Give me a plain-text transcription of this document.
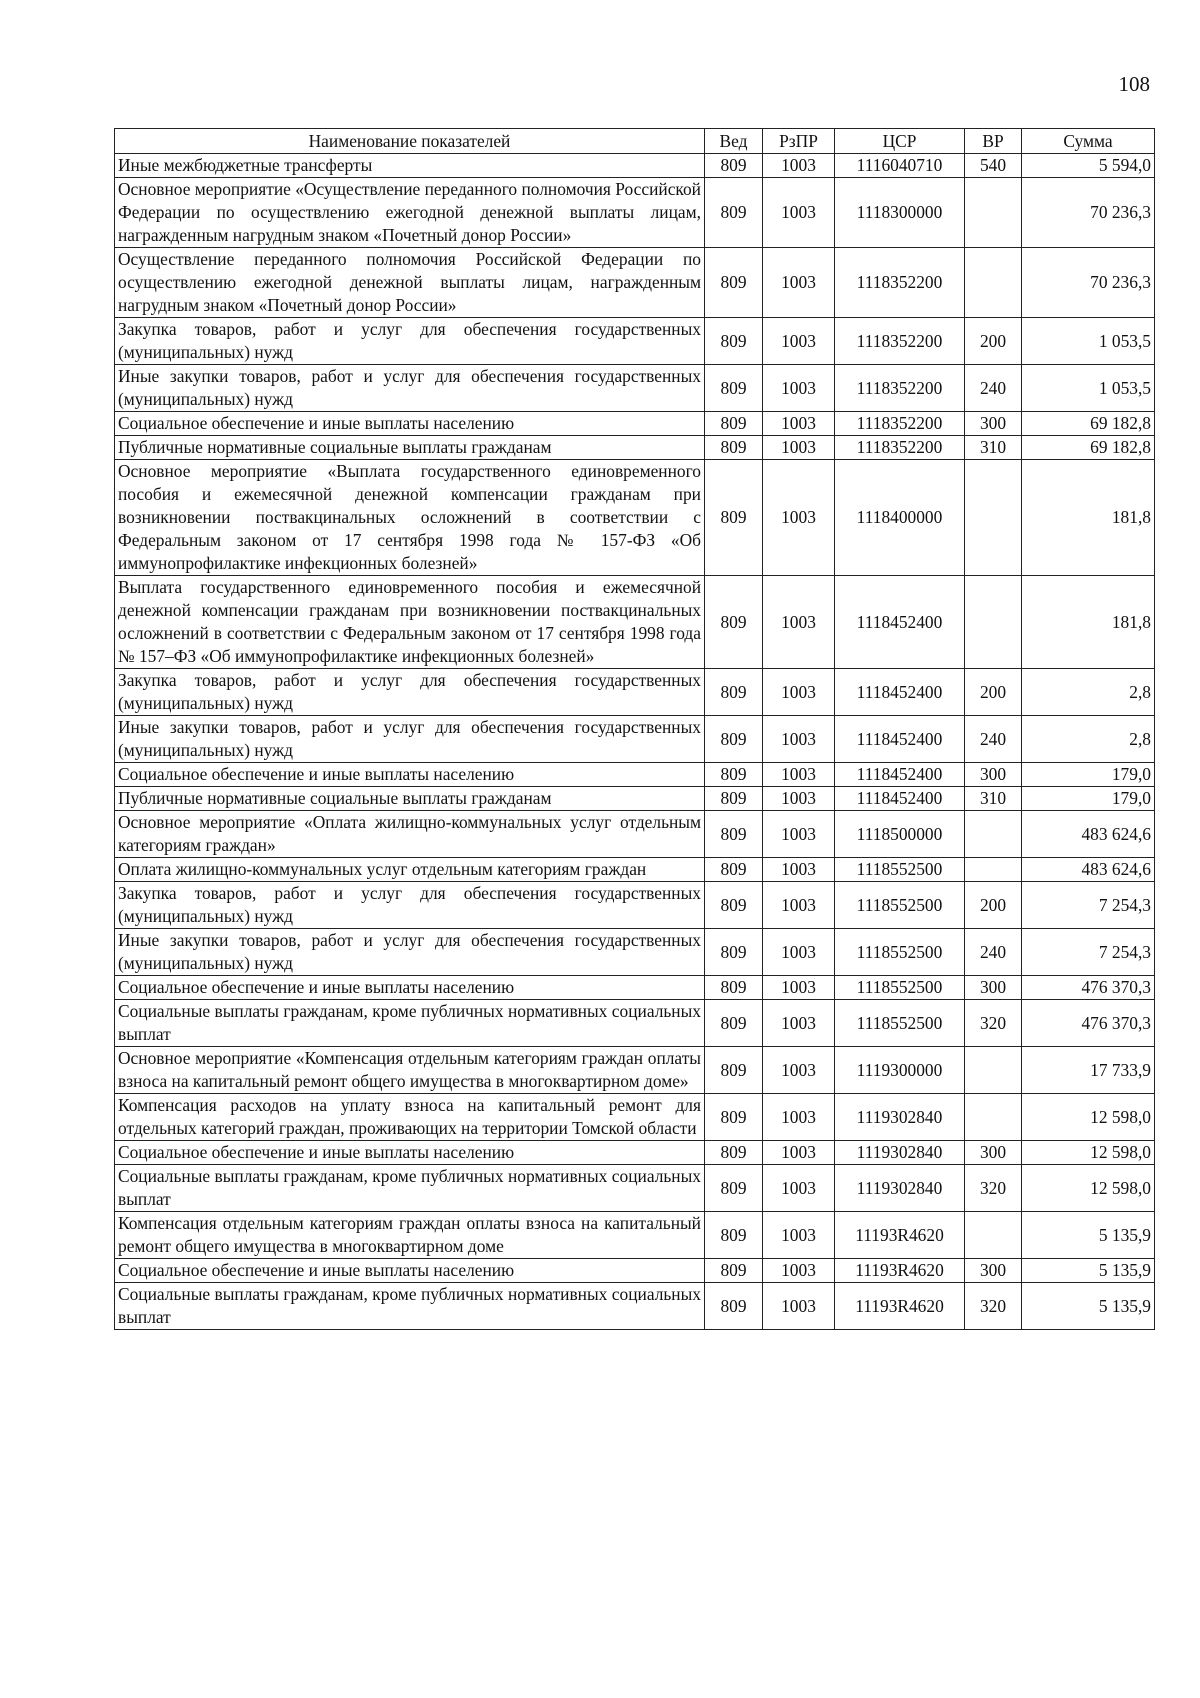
108
Наименование показателей	Вед	РзПР	ЦСР	ВР	Сумма
Иные межбюджетные трансферты	809	1003	1116040710	540	5 594,0
Основное мероприятие «Осуществление переданного полномочия Российской Федерации по осуществлению ежегодной денежной выплаты лицам, награжденным нагрудным знаком «Почетный донор России»	809	1003	1118300000		70 236,3
Осуществление переданного полномочия Российской Федерации по осуществлению ежегодной денежной выплаты лицам, награжденным нагрудным знаком «Почетный донор России»	809	1003	1118352200		70 236,3
Закупка товаров, работ и услуг для обеспечения государственных (муниципальных) нужд	809	1003	1118352200	200	1 053,5
Иные закупки товаров, работ и услуг для обеспечения государственных (муниципальных) нужд	809	1003	1118352200	240	1 053,5
Социальное обеспечение и иные выплаты населению	809	1003	1118352200	300	69 182,8
Публичные нормативные социальные выплаты гражданам	809	1003	1118352200	310	69 182,8
Основное мероприятие «Выплата государственного единовременного пособия и ежемесячной денежной компенсации гражданам при возникновении поствакцинальных осложнений в соответствии с Федеральным законом от 17 сентября 1998 года № 157-ФЗ «Об иммунопрофилактике инфекционных болезней»	809	1003	1118400000		181,8
Выплата государственного единовременного пособия и ежемесячной денежной компенсации гражданам при возникновении поствакцинальных осложнений в соответствии с Федеральным законом от 17 сентября 1998 года № 157–ФЗ «Об иммунопрофилактике инфекционных болезней»	809	1003	1118452400		181,8
Закупка товаров, работ и услуг для обеспечения государственных (муниципальных) нужд	809	1003	1118452400	200	2,8
Иные закупки товаров, работ и услуг для обеспечения государственных (муниципальных) нужд	809	1003	1118452400	240	2,8
Социальное обеспечение и иные выплаты населению	809	1003	1118452400	300	179,0
Публичные нормативные социальные выплаты гражданам	809	1003	1118452400	310	179,0
Основное мероприятие «Оплата жилищно-коммунальных услуг отдельным категориям граждан»	809	1003	1118500000		483 624,6
Оплата жилищно-коммунальных услуг отдельным категориям граждан	809	1003	1118552500		483 624,6
Закупка товаров, работ и услуг для обеспечения государственных (муниципальных) нужд	809	1003	1118552500	200	7 254,3
Иные закупки товаров, работ и услуг для обеспечения государственных (муниципальных) нужд	809	1003	1118552500	240	7 254,3
Социальное обеспечение и иные выплаты населению	809	1003	1118552500	300	476 370,3
Социальные выплаты гражданам, кроме публичных нормативных социальных выплат	809	1003	1118552500	320	476 370,3
Основное мероприятие «Компенсация отдельным категориям граждан оплаты взноса на капитальный ремонт общего имущества в многоквартирном доме»	809	1003	1119300000		17 733,9
Компенсация расходов на уплату взноса на капитальный ремонт для отдельных категорий граждан, проживающих на территории Томской области	809	1003	1119302840		12 598,0
Социальное обеспечение и иные выплаты населению	809	1003	1119302840	300	12 598,0
Социальные выплаты гражданам, кроме публичных нормативных социальных выплат	809	1003	1119302840	320	12 598,0
Компенсация отдельным категориям граждан оплаты взноса на капитальный ремонт общего имущества в многоквартирном доме	809	1003	11193R4620		5 135,9
Социальное обеспечение и иные выплаты населению	809	1003	11193R4620	300	5 135,9
Социальные выплаты гражданам, кроме публичных нормативных социальных выплат	809	1003	11193R4620	320	5 135,9
